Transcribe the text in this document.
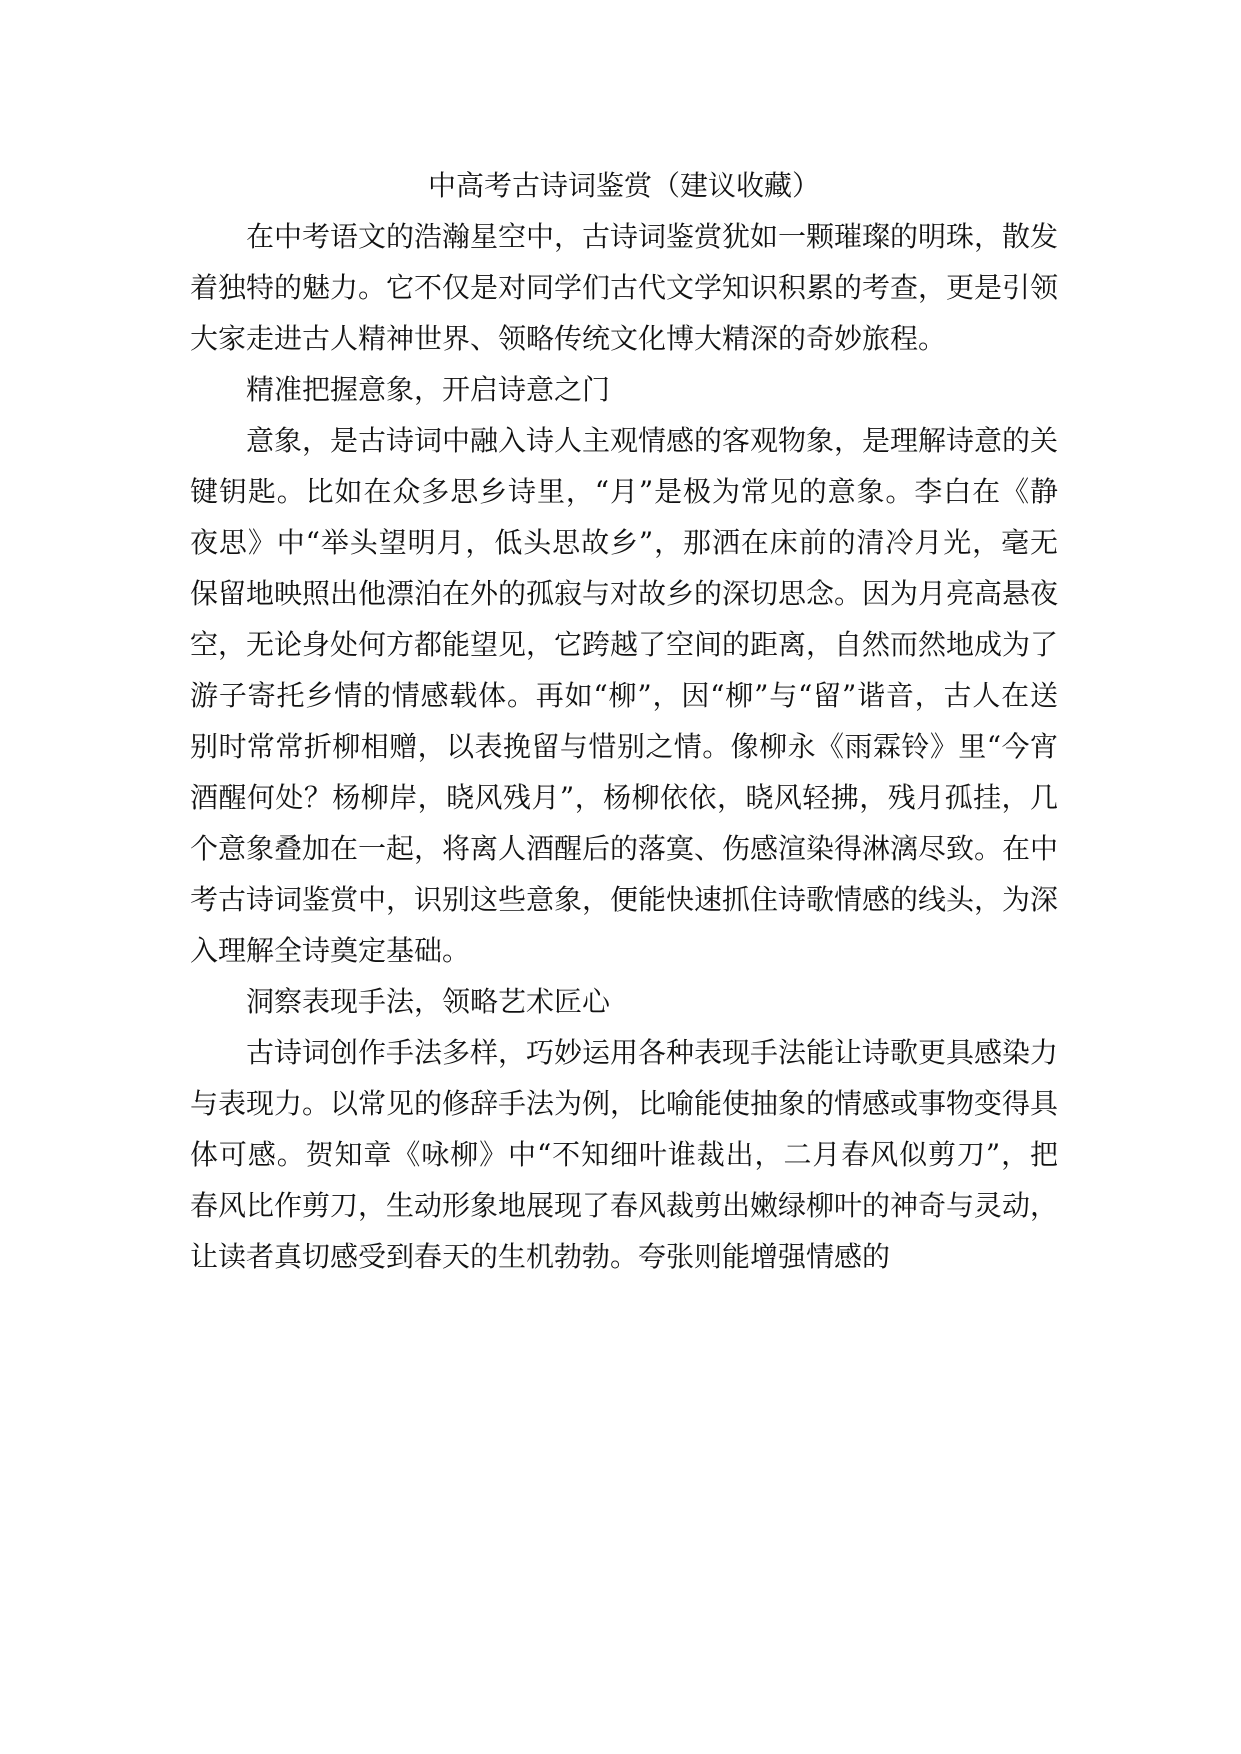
中高考古诗词鉴赏（建议收藏）

在中考语文的浩瀚星空中，古诗词鉴赏犹如一颗璀璨的明珠，散发着独特的魅力。它不仅是对同学们古代文学知识积累的考查，更是引领大家走进古人精神世界、领略传统文化博大精深的奇妙旅程。

精准把握意象，开启诗意之门

意象，是古诗词中融入诗人主观情感的客观物象，是理解诗意的关键钥匙。比如在众多思乡诗里，“月”是极为常见的意象。李白在《静夜思》中“举头望明月，低头思故乡”，那洒在床前的清冷月光，毫无保留地映照出他漂泊在外的孤寂与对故乡的深切思念。因为月亮高悬夜空，无论身处何方都能望见，它跨越了空间的距离，自然而然地成为了游子寄托乡情的情感载体。再如“柳”，因“柳”与“留”谐音，古人在送别时常常折柳相赠，以表挽留与惜别之情。像柳永《雨霖铃》里“今宵酒醒何处？杨柳岸，晓风残月”，杨柳依依，晓风轻拂，残月孤挂，几个意象叠加在一起，将离人酒醒后的落寞、伤感渲染得淋漓尽致。在中考古诗词鉴赏中，识别这些意象，便能快速抓住诗歌情感的线头，为深入理解全诗奠定基础。

洞察表现手法，领略艺术匠心

古诗词创作手法多样，巧妙运用各种表现手法能让诗歌更具感染力与表现力。以常见的修辞手法为例，比喻能使抽象的情感或事物变得具体可感。贺知章《咏柳》中“不知细叶谁裁出，二月春风似剪刀”，把春风比作剪刀，生动形象地展现了春风裁剪出嫩绿柳叶的神奇与灵动，让读者真切感受到春天的生机勃勃。夸张则能增强情感的
